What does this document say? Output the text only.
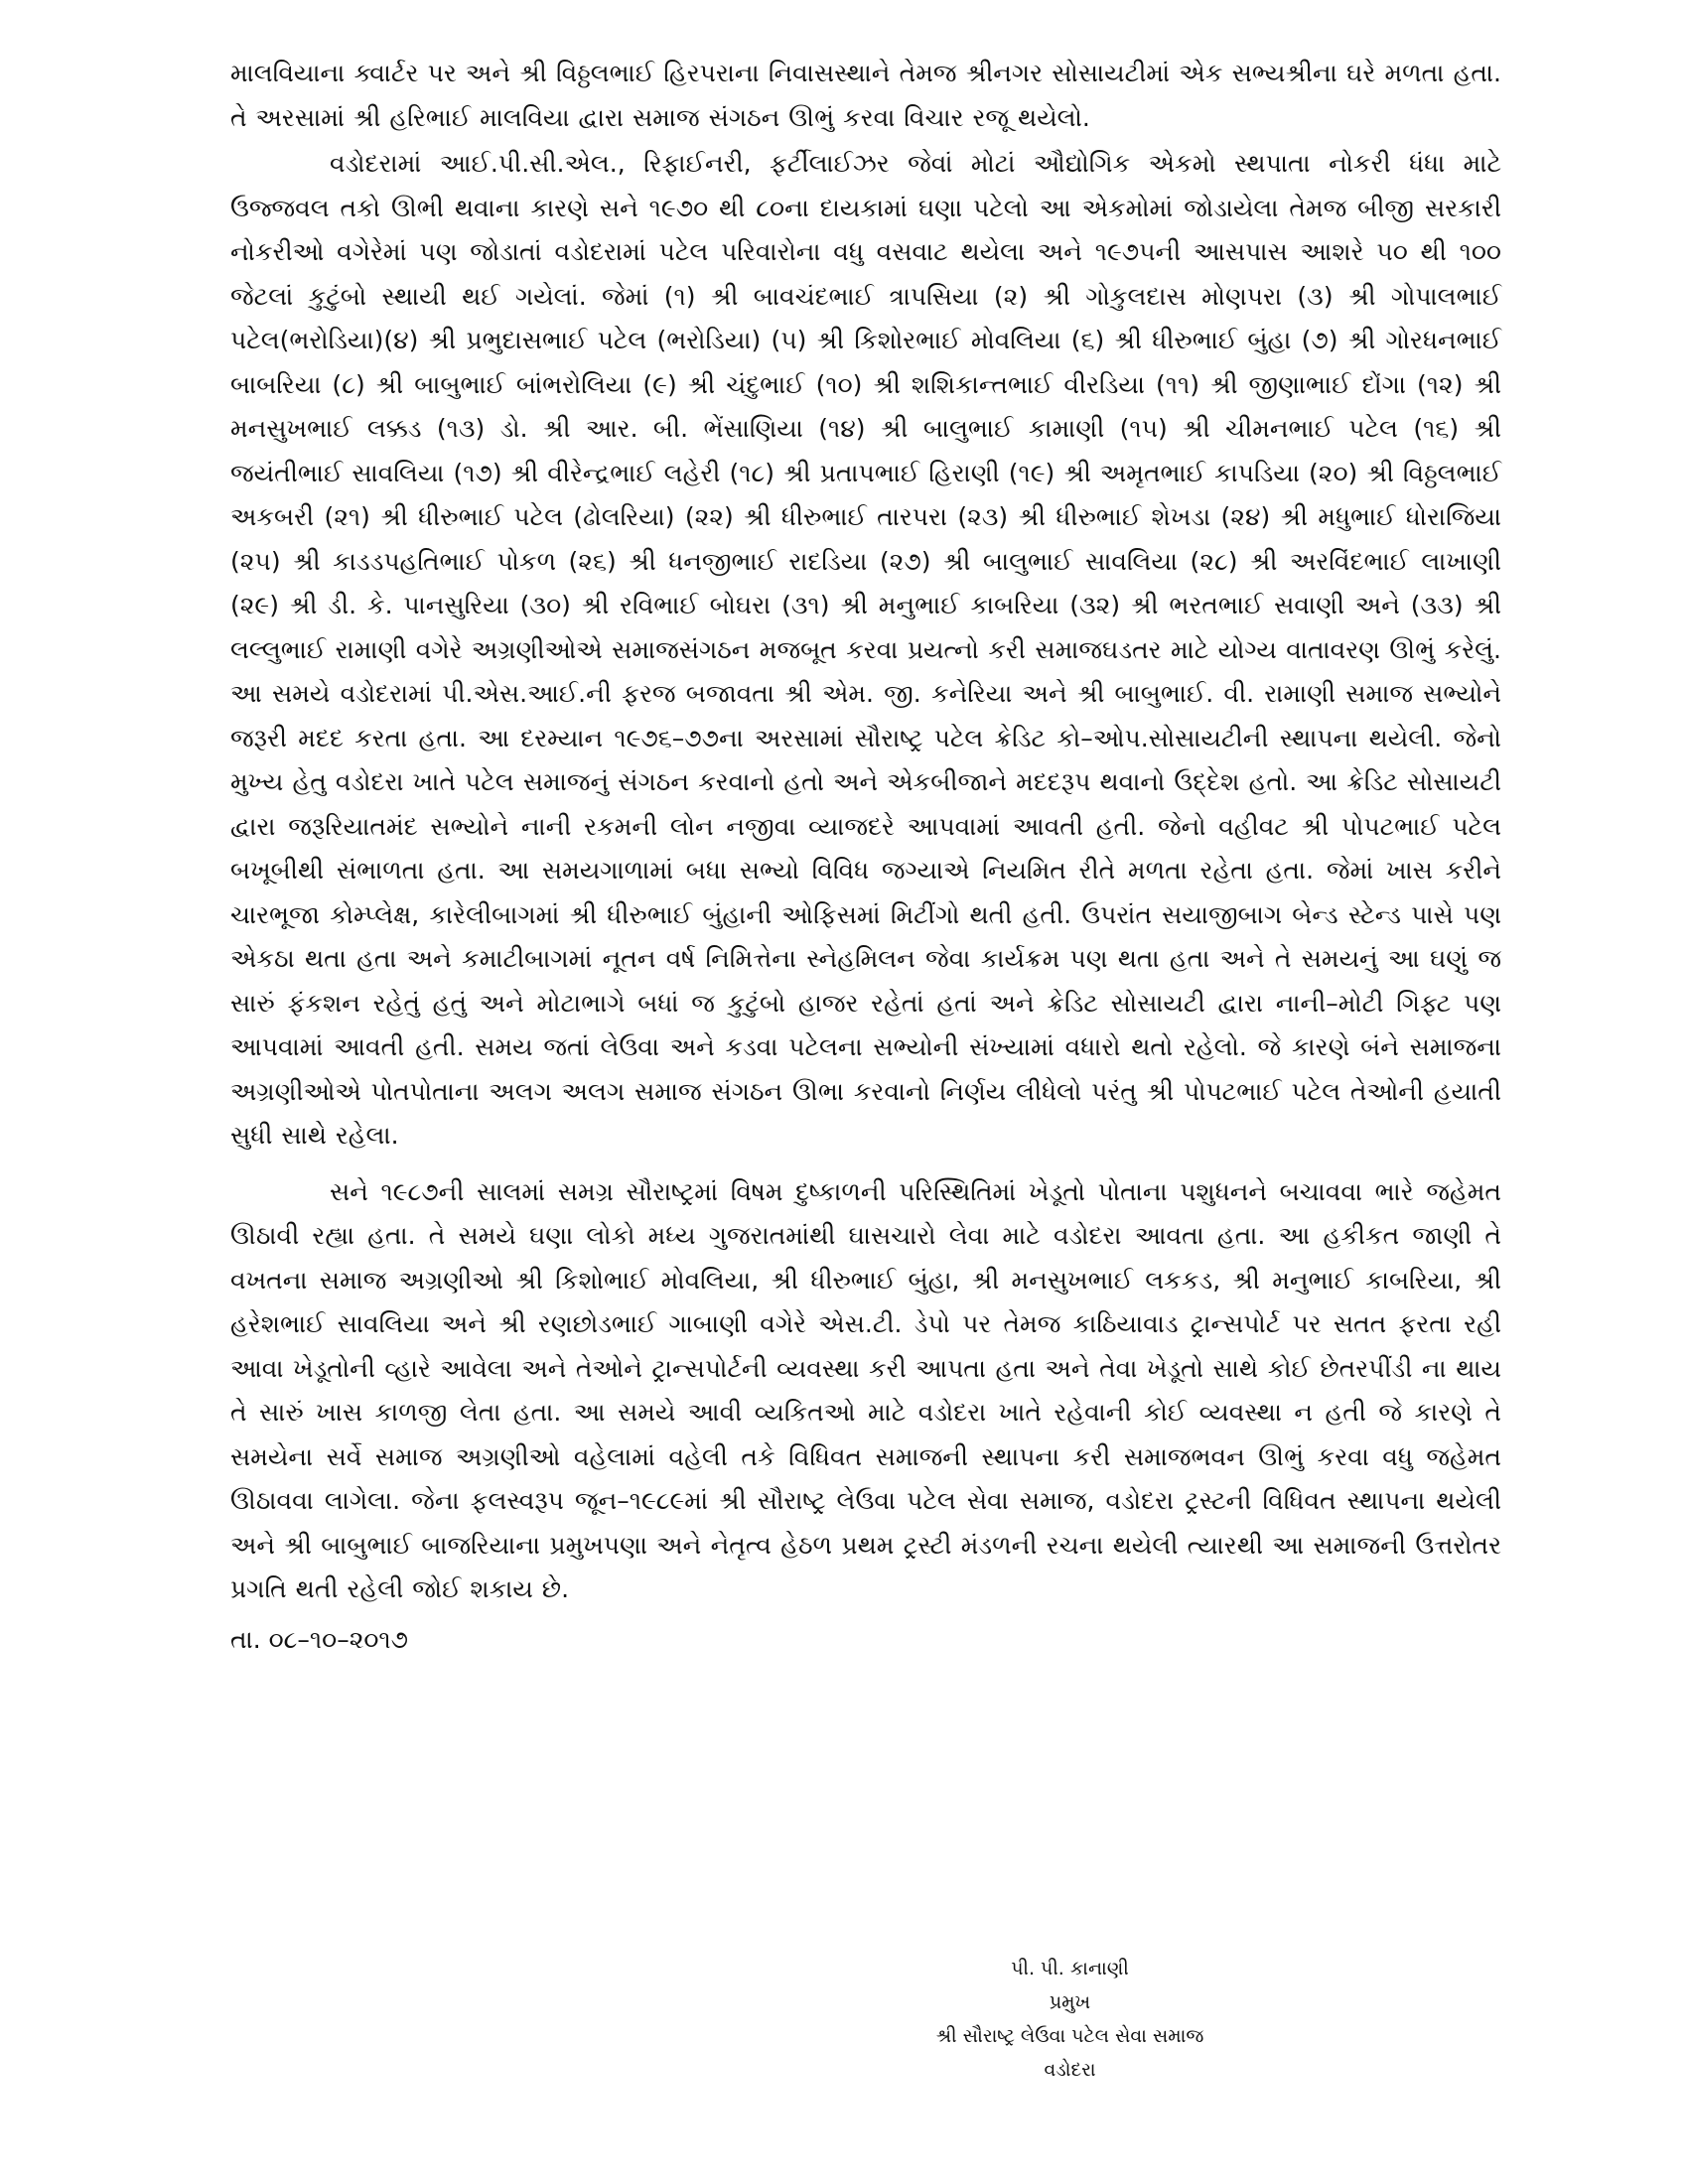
માલવિયાના ક્વાર્ટર પર અને શ્રી વિઠ્ઠલભાઈ હિરપરાના નિવાસસ્થાને તેમજ શ્રીનગર સોસાયટીમાં એક સભ્યશ્રીના ઘરે મળતા હતા. તે અરસામાં શ્રી હરિભાઈ માલવિયા દ્વારા સમાજ સંગઠન ઊભું કરવા વિચાર રજૂ થયેલો.

વડોદરામાં આઈ.પી.સી.એલ., રિફાઈનરી, ફર્ટીલાઈઝર જેવાં મોટાં ઔદ્યોગિક એકમો સ્થપાતા નોકરી ધંધા માટે ઉજ્જવલ તકો ઊભી થવાના કારણે સને ૧૯૭૦ થી ૮૦ના દાયકામાં ઘણા પટેલો આ એકમોમાં જોડાયેલા તેમજ બીજી સરકારી નોકરીઓ વગેરેમાં પણ જોડાતાં વડોદરામાં પટેલ પરિવારોના વધુ વસવાટ થયેલા અને ૧૯૭૫ની આસપાસ આશરે ૫૦ થી ૧૦૦ જેટલાં કુટુંબો સ્થાયી થઈ ગયેલાં. જેમાં (૧) શ્રી બાવચંદભાઈ ત્રાપસિયા (૨) શ્રી ગોકુલદાસ મોણપરા (૩) શ્રી ગોપાલભાઈ પટેલ(ભરોડિયા)(૪) શ્રી પ્રભુદાસભાઈ પટેલ (ભરોડિયા) (૫) શ્રી કિશોરભાઈ મોવલિયા (૬) શ્રી ધીરુભાઈ બુંહા (૭) શ્રી ગોરધનભાઈ બાબરિયા (૮) શ્રી બાબુભાઈ બાંભરોલિયા (૯) શ્રી ચંદુભાઈ (૧૦) શ્રી શશિકાન્તભાઈ વીરડિયા (૧૧) શ્રી જીણાભાઈ દોંગા (૧૨) શ્રી મનસુખભાઈ લક્કડ (૧૩) ડો. શ્રી આર. બી. ભેંસાણિયા (૧૪) શ્રી બાલુભાઈ કામાણી (૧૫) શ્રી ચીમનભાઈ પટેલ (૧૬) શ્રી જયંતીભાઈ સાવલિયા (૧૭) શ્રી વીરેન્દ્રભાઈ લહેરી (૧૮) શ્રી પ્રતાપભાઈ હિરાણી (૧૯) શ્રી અમૃતભાઈ કાપડિયા (૨૦) શ્રી વિઠ્ઠલભાઈ અકબરી (૨૧) શ્રી ધીરુભાઈ પટેલ (ઢોલરિયા) (૨૨) શ્રી ધીરુભાઈ તારપરા (૨૩) શ્રી ધીરુભાઈ શેખડા (૨૪) શ્રી મધુભાઈ ધોરાજિયા (૨૫) શ્રી કાડડપહતિભાઈ પોકળ (૨૬) શ્રી ધનજીભાઈ રાદડિયા (૨૭) શ્રી બાલુભાઈ સાવલિયા (૨૮) શ્રી અરવિંદભાઈ લાખાણી (૨૯) શ્રી ડી. કે. પાનસુરિયા (૩૦) શ્રી રવિભાઈ બોઘરા (૩૧) શ્રી મનુભાઈ કાબરિયા (૩૨) શ્રી ભરતભાઈ સવાણી અને (૩૩) શ્રી લલ્લુભાઈ રામાણી વગેરે અગ્રણીઓએ સમાજસંગઠન મજબૂત કરવા પ્રયત્નો કરી સમાજઘડતર માટે યોગ્ય વાતાવરણ ઊભું કરેલું. આ સમયે વડોદરામાં પી.એસ.આઈ.ની ફરજ બજાવતા શ્રી એમ. જી. કનેરિયા અને શ્રી બાબુભાઈ. વી. રામાણી સમાજ સભ્યોને જરૂરી મદદ કરતા હતા. આ દરમ્યાન ૧૯૭૬–૭૭ના અરસામાં સૌરાષ્ટ્ર પટેલ ક્રેડિટ કો–ઓપ.સોસાયટીની સ્થાપના થયેલી. જેનો મુખ્ય હેતુ વડોદરા ખાતે પટેલ સમાજનું સંગઠન કરવાનો હતો અને એકબીજાને મદદરૂપ થવાનો ઉદ્દેશ હતો. આ ક્રેડિટ સોસાયટી દ્વારા જરૂરિયાતમંદ સભ્યોને નાની રકમની લોન નજીવા વ્યાજદરે આપવામાં આવતી હતી. જેનો વહીવટ શ્રી પોપટભાઈ પટેલ બખૂબીથી સંભાળતા હતા. આ સમયગાળામાં બધા સભ્યો વિવિધ જગ્યાએ નિયમિત રીતે મળતા રહેતા હતા. જેમાં ખાસ કરીને ચારભૂજા કોમ્પ્લેક્ષ, કારેલીબાગમાં શ્રી ધીરુભાઈ બુંહાની ઓફિસમાં મિટીંગો થતી હતી. ઉપરાંત સયાજીબાગ બેન્ડ સ્ટેન્ડ પાસે પણ એકઠા થતા હતા અને કમાટીબાગમાં નૂતન વર્ષ નિમિત્તેના સ્નેહમિલન જેવા કાર્યક્રમ પણ થતા હતા અને તે સમયનું આ ઘણું જ સારું ફંકશન રહેતું હતું અને મોટાભાગે બધાં જ કુટુંબો હાજર રહેતાં હતાં અને ક્રેડિટ સોસાયટી દ્વારા નાની–મોટી ગિફ્ટ પણ આપવામાં આવતી હતી. સમય જતાં લેઉવા અને કડવા પટેલના સભ્યોની સંખ્યામાં વધારો થતો રહેલો. જે કારણે બંને સમાજના અગ્રણીઓએ પોતપોતાના અલગ અલગ સમાજ સંગઠન ઊભા કરવાનો નિર્ણય લીધેલો પરંતુ શ્રી પોપટભાઈ પટેલ તેઓની હયાતી સુધી સાથે રહેલા.

સને ૧૯૮૭ની સાલમાં સમગ્ર સૌરાષ્ટ્રમાં વિષમ દુષ્કાળની પરિસ્થિતિમાં ખેડૂતો પોતાના પશુધનને બચાવવા ભારે જહેમત ઊઠાવી રહ્યા હતા. તે સમયે ઘણા લોકો મધ્ય ગુજરાતમાંથી ઘાસચારો લેવા માટે વડોદરા આવતા હતા. આ હકીકત જાણી તે વખતના સમાજ અગ્રણીઓ શ્રી કિશોભાઈ મોવલિયા, શ્રી ધીરુભાઈ બુંહા, શ્રી મનસુખભાઈ લકકડ, શ્રી મનુભાઈ કાબરિયા, શ્રી હરેશભાઈ સાવલિયા અને શ્રી રણછોડભાઈ ગાબાણી વગેરે એસ.ટી. ડેપો પર તેમજ કાઠિયાવાડ ટ્રાન્સપોર્ટ પર સતત ફરતા રહી આવા ખેડૂતોની વ્હારે આવેલા અને તેઓને ટ્રાન્સપોર્ટની વ્યવસ્થા કરી આપતા હતા અને તેવા ખેડૂતો સાથે કોઈ છેતરપીંડી ના થાય તે સારું ખાસ કાળજી લેતા હતા. આ સમયે આવી વ્યકિતઓ માટે વડોદરા ખાતે રહેવાની કોઈ વ્યવસ્થા ન હતી જે કારણે તે સમયેના સર્વે સમાજ અગ્રણીઓ વહેલામાં વહેલી તકે વિધિવત સમાજની સ્થાપના કરી સમાજભવન ઊભું કરવા વધુ જહેમત ઊઠાવવા લાગેલા. જેના ફલસ્વરૂપ જૂન–૧૯૮૯માં શ્રી સૌરાષ્ટ્ર લેઉવા પટેલ સેવા સમાજ, વડોદરા ટ્રસ્ટની વિધિવત સ્થાપના થયેલી અને શ્રી બાબુભાઈ બાજરિયાના પ્રમુખપણા અને નેતૃત્વ હેઠળ પ્રથમ ટ્રસ્ટી મંડળની રચના થયેલી ત્યારથી આ સમાજની ઉત્તરોતર પ્રગતિ થતી રહેલી જોઈ શકાય છે.

તા. ૦૮–૧૦–૨૦૧૭
પી. પી. કાનાણી
પ્રમુખ
શ્રી સૌરાષ્ટ્ર લેઉવા પટેલ સેવા સમાજ
વડોદરા
